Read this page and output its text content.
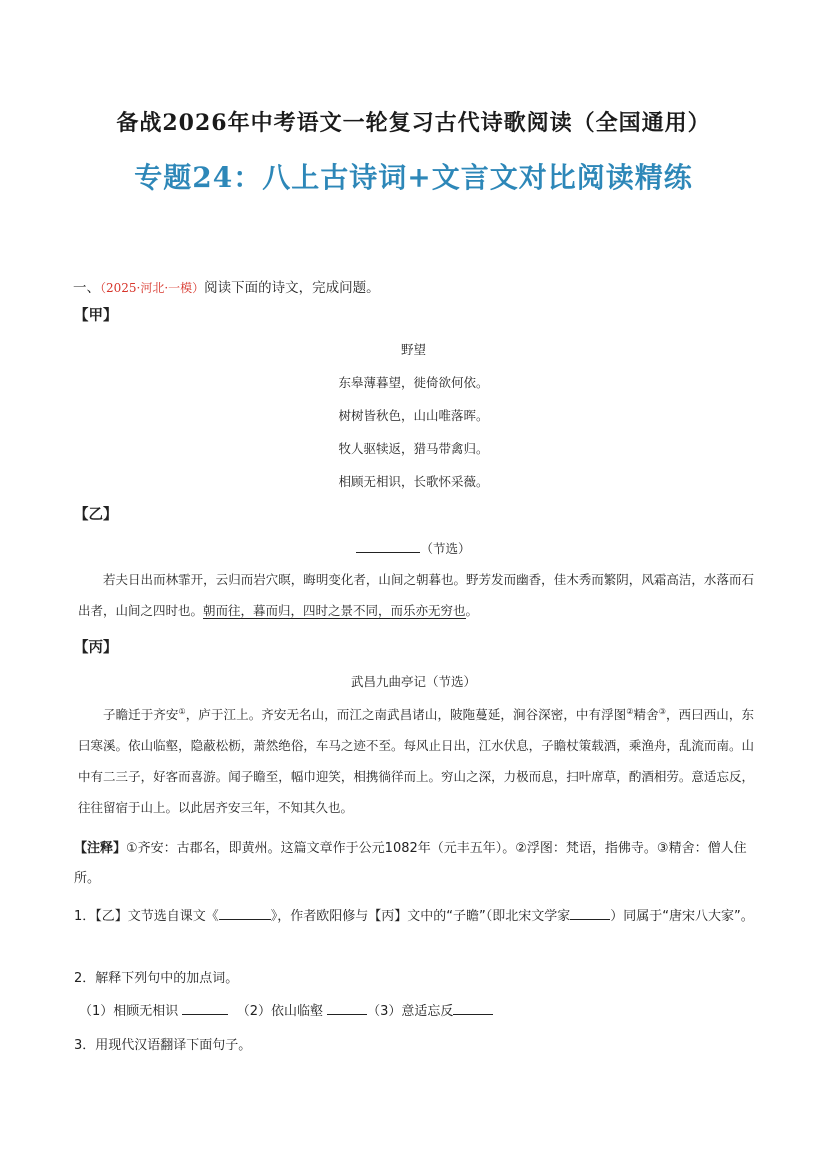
备战2026年中考语文一轮复习古代诗歌阅读（全国通用）
专题24：八上古诗词+文言文对比阅读精练
一、（2025·河北·一模）阅读下面的诗文，完成问题。
【甲】
野望
东皋薄暮望，徙倚欲何依。
树树皆秋色，山山唯落晖。
牧人驱犊返，猎马带禽归。
相顾无相识，长歌怀采薇。
【乙】
（节选）

若夫日出而林霏开，云归而岩穴暝，晦明变化者，山间之朝暮也。野芳发而幽香，佳木秀而繁阴，风霜高洁，水落而石出者，山间之四时也。朝而往，暮而归，四时之景不同，而乐亦无穷也。

【丙】
武昌九曲亭记（节选）

子瞻迁于齐安①，庐于江上。齐安无名山，而江之南武昌诸山，陂陁蔓延，涧谷深密，中有浮图②精舍③，西曰西山，东曰寒溪。依山临壑，隐蔽松枥，萧然绝俗，车马之迹不至。每风止日出，江水伏息，子瞻杖策载酒，乘渔舟，乱流而南。山中有二三子，好客而喜游。闻子瞻至，幅巾迎笑，相携徜徉而上。穷山之深，力极而息，扫叶席草，酌酒相劳。意适忘反，往往留宿于山上。以此居齐安三年，不知其久也。

【注释】①齐安：古郡名，即黄州。这篇文章作于公元1082年（元丰五年）。②浮图：梵语，指佛寺。③精舍：僧人住所。
1．【乙】文节选自课文《	》，作者欧阳修与【丙】文中的“子瞻”（即北宋文学家	）同属于“唐宋八大家”。
2．解释下列句中的加点词。
（1）相顾无相识	（2）依山临壑	（3）意适忘反
3．用现代汉语翻译下面句子。
